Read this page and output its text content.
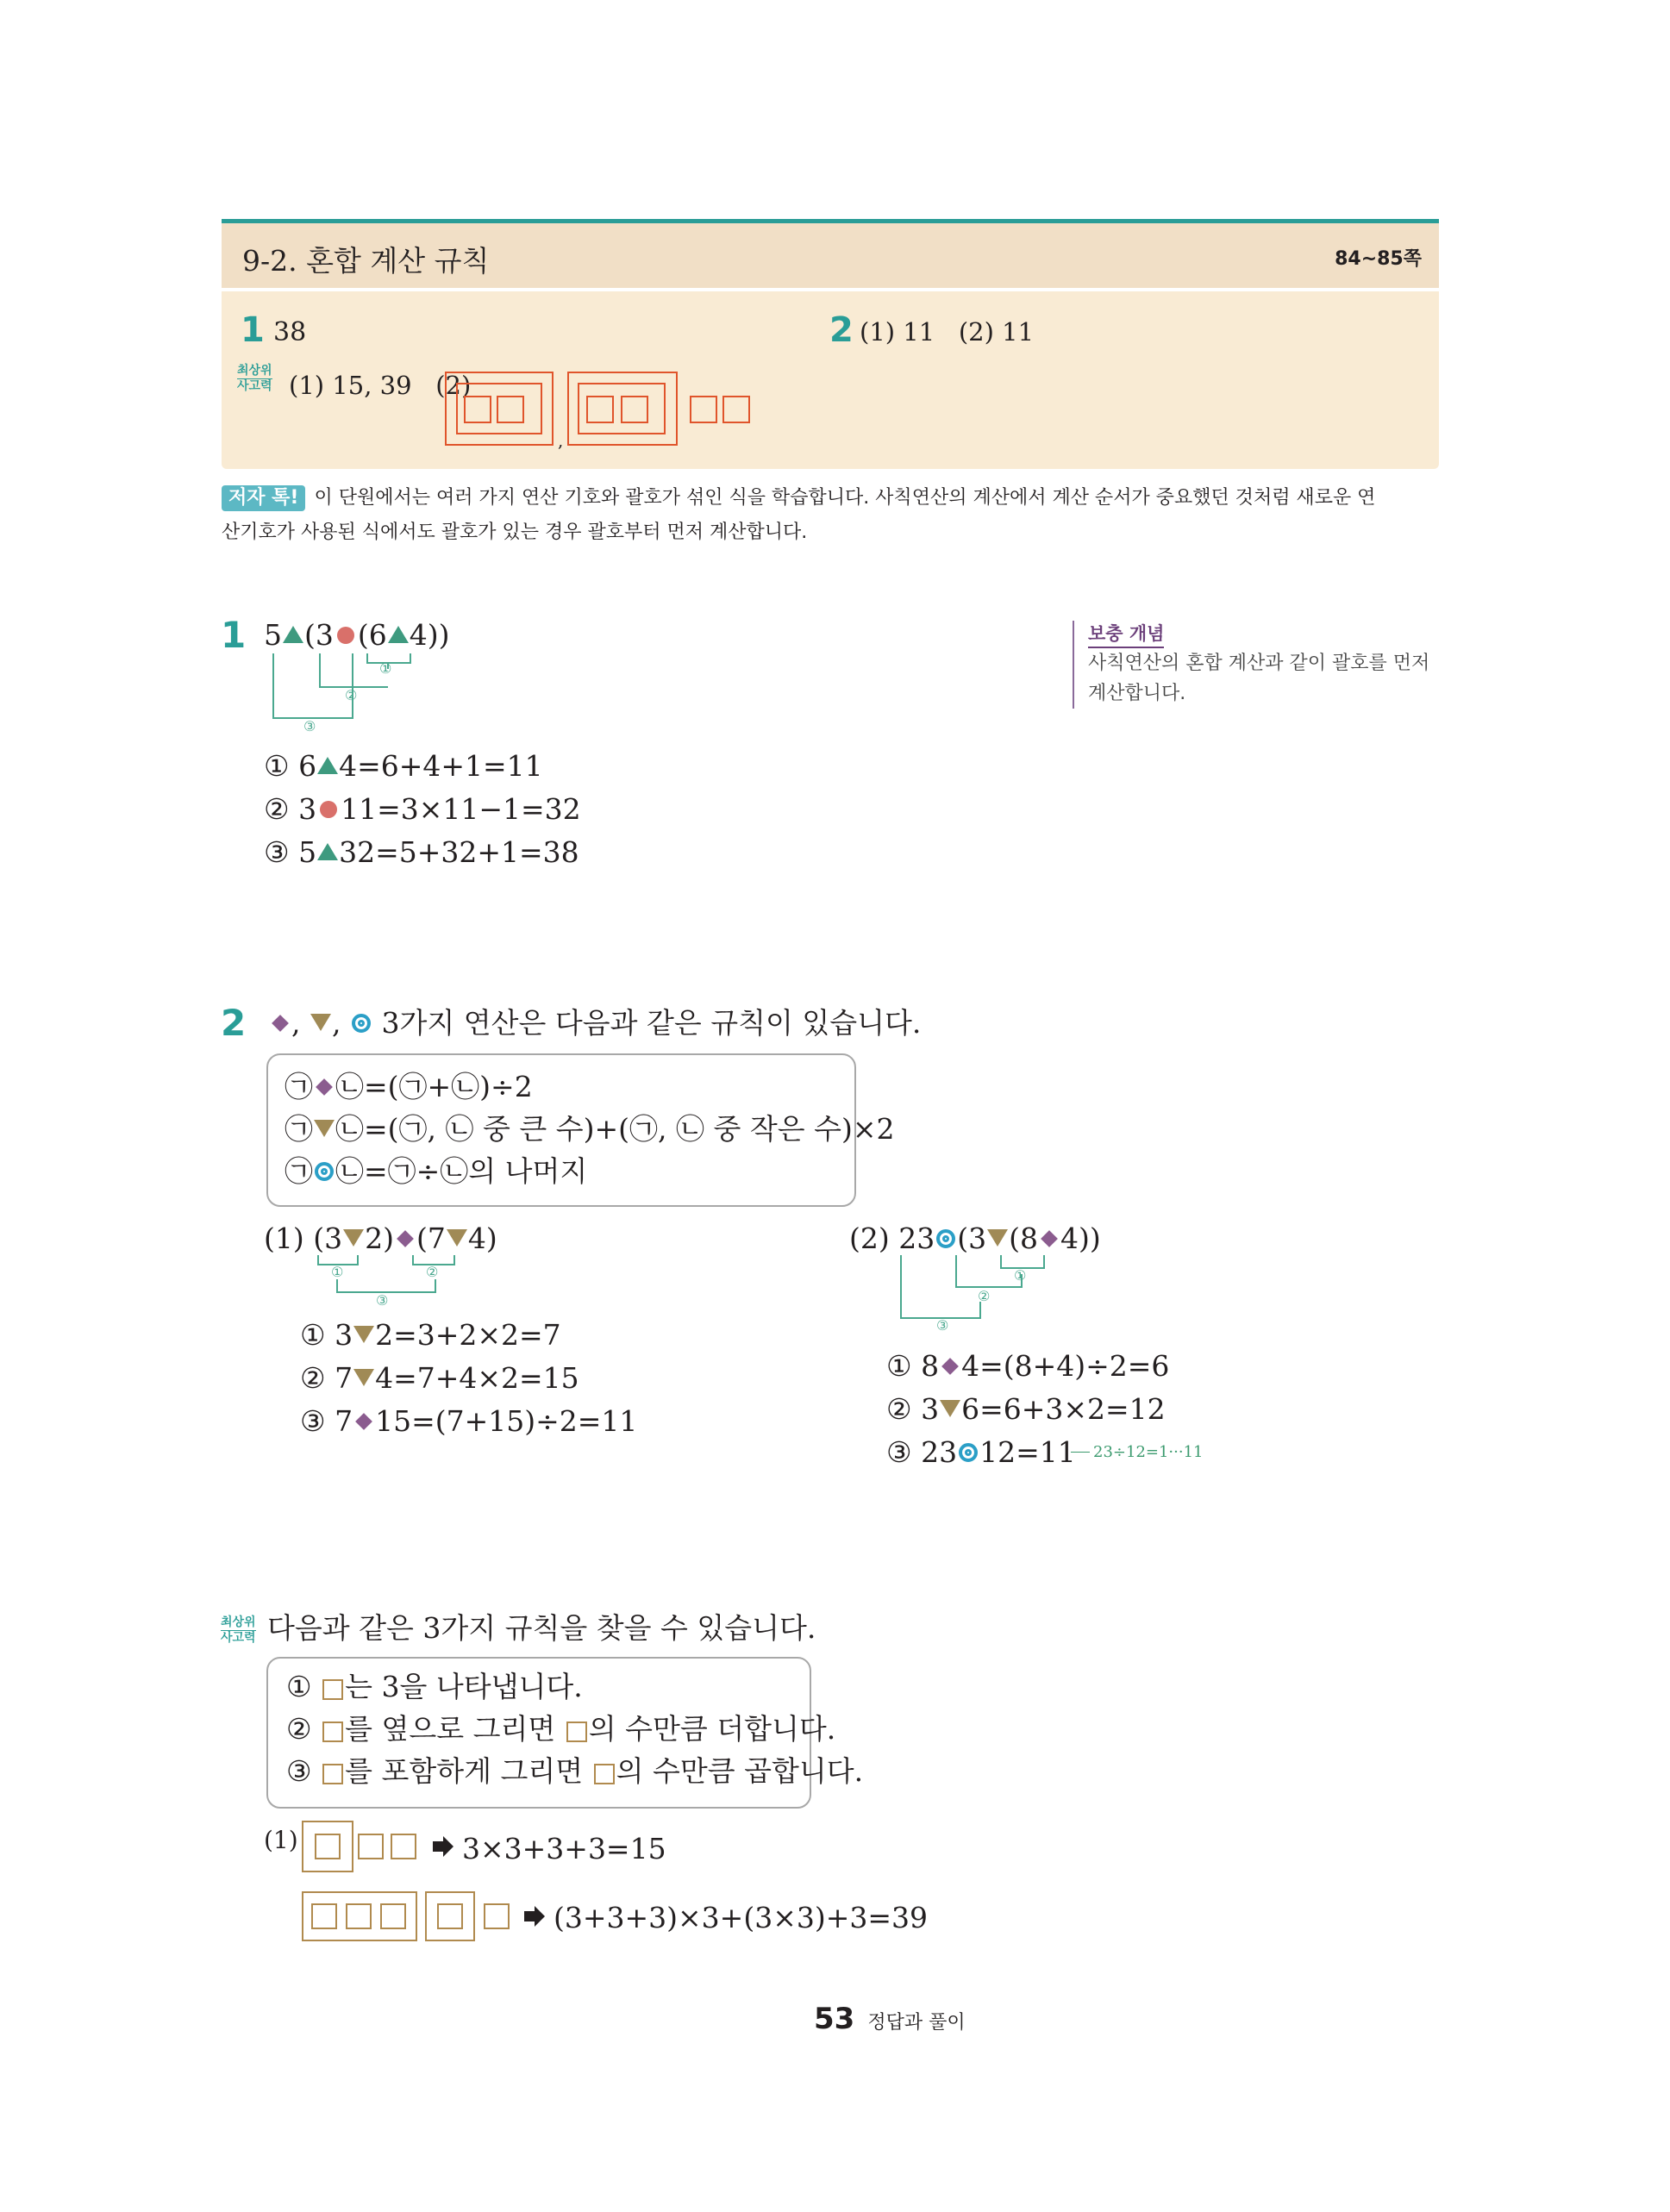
9-2. 혼합 계산 규칙	84~85쪽
1 38	2 (1) 11   (2) 11
최상위
사고력 (1) 15, 39   (2)
,
저자 톡! 이 단원에서는 여러 가지 연산 기호와 괄호가 섞인 식을 학습합니다. 사칙연산의 계산에서 계산 순서가 중요했던 것처럼 새로운 연
산기호가 사용된 식에서도 괄호가 있는 경우 괄호부터 먼저 계산합니다.
보충 개념
사칙연산의 혼합 계산과 같이 괄호를 먼저
계산합니다.
1 5 (3 (6 4))
①
②
③
① 6 4=6+4+1=11
② 3 11=3×11−1=32
③ 5 32=5+32+1=38
2	, , 3가지 연산은 다음과 같은 규칙이 있습니다.
㉠ ㉡=(㉠+㉡)÷2
㉠ ㉡=(㉠, ㉡ 중 큰 수)+(㉠, ㉡ 중 작은 수)×2
㉠ ㉡=㉠÷㉡의 나머지
(1) (3 2) (7 4)
①	②
③
① 3 2=3+2×2=7
② 7 4=7+4×2=15
③ 7 15=(7+15)÷2=11
(2) 23 (3 (8 4))
①
②
③
① 8 4=(8+4)÷2=6
② 3 6=6+3×2=12
③ 23 12=11	23÷12=1···11
최상위
사고력 다음과 같은 3가지 규칙을 찾을 수 있습니다.
① 는 3을 나타냅니다.
② 를 옆으로 그리면 의 수만큼 더합니다.
③ 를 포함하게 그리면 의 수만큼 곱합니다.
(1)	3×3+3+3=15
(3+3+3)×3+(3×3)+3=39
53 정답과 풀이
